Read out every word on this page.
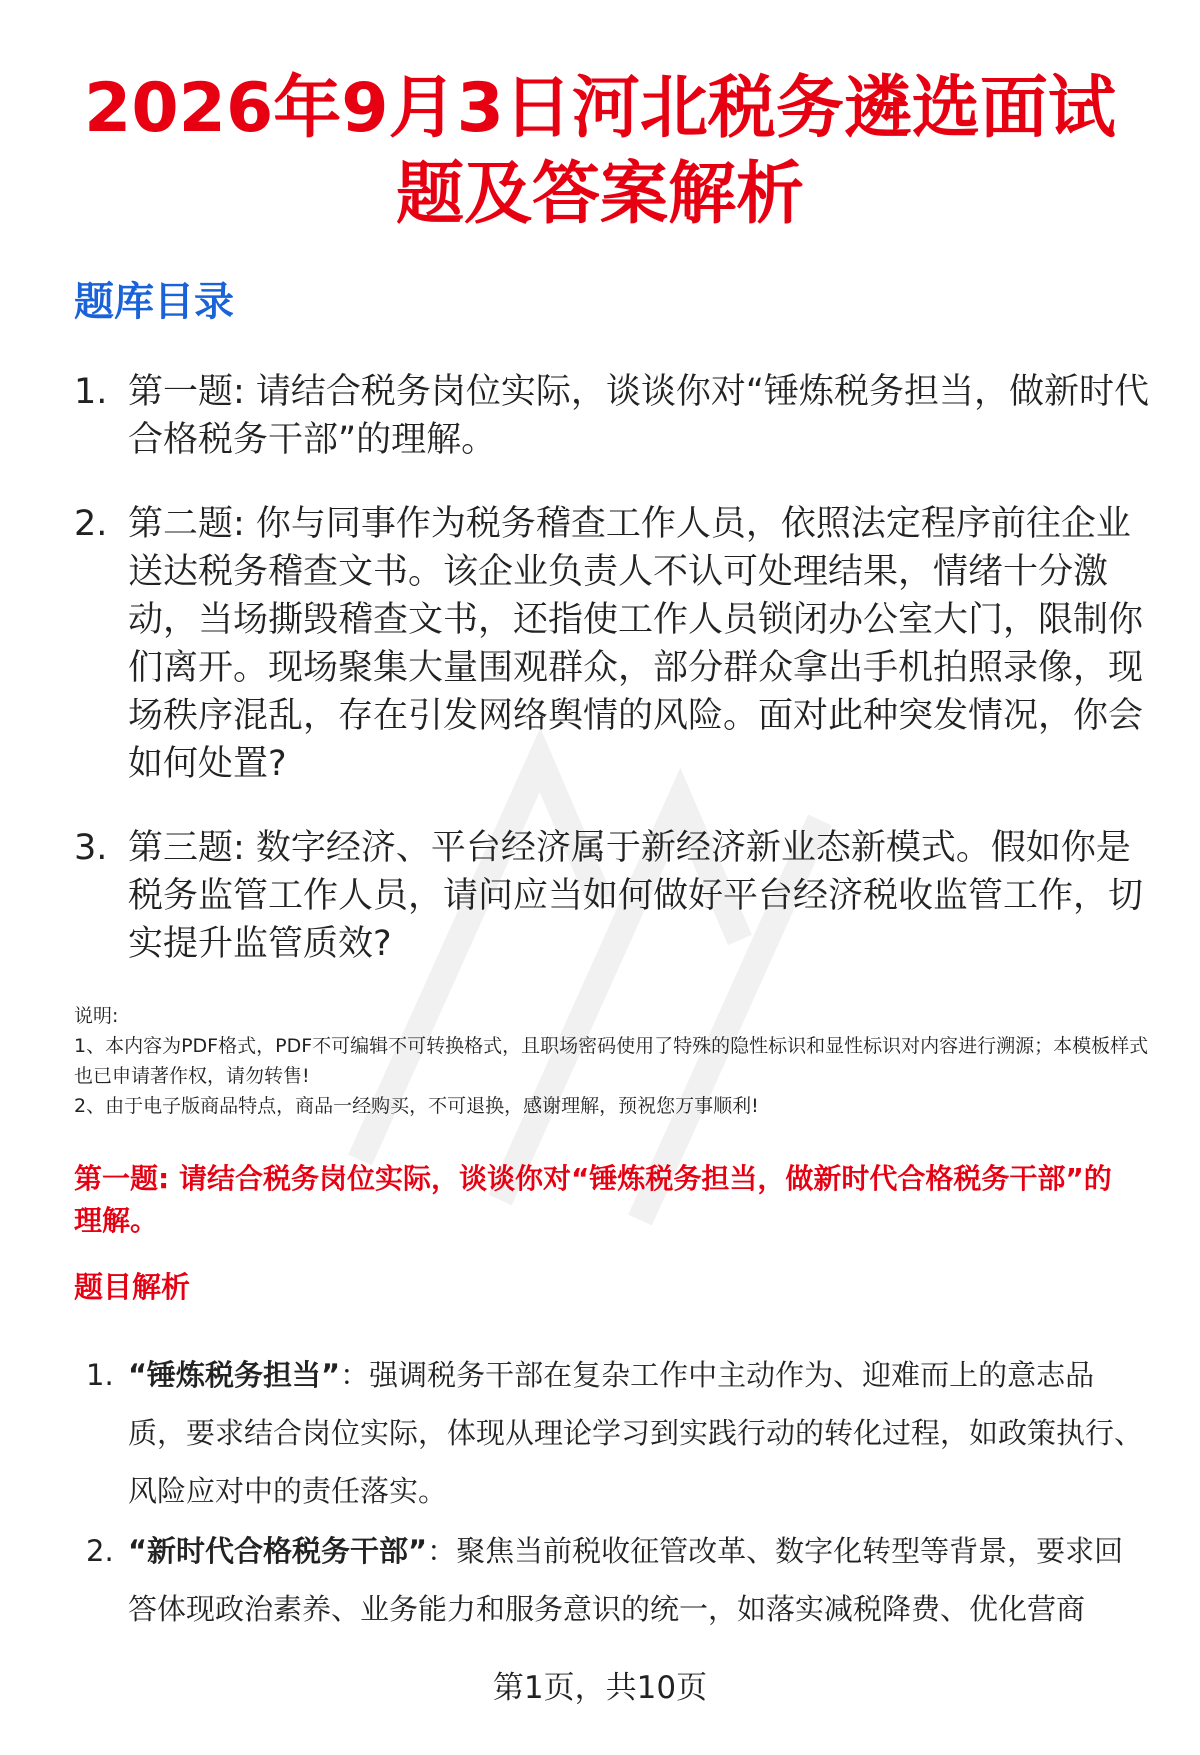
2026年9月3日河北税务遴选面试题及答案解析
题库目录
1. 第一题: 请结合税务岗位实际，谈谈你对“锤炼税务担当，做新时代合格税务干部”的理解。
2. 第二题: 你与同事作为税务稽查工作人员，依照法定程序前往企业送达税务稽查文书。该企业负责人不认可处理结果，情绪十分激动，当场撕毁稽查文书，还指使工作人员锁闭办公室大门，限制你们离开。现场聚集大量围观群众，部分群众拿出手机拍照录像，现场秩序混乱，存在引发网络舆情的风险。面对此种突发情况，你会如何处置?
3. 第三题: 数字经济、平台经济属于新经济新业态新模式。假如你是税务监管工作人员，请问应当如何做好平台经济税收监管工作，切实提升监管质效?
说明:
1、本内容为PDF格式，PDF不可编辑不可转换格式，且职场密码使用了特殊的隐性标识和显性标识对内容进行溯源；本模板样式也已申请著作权，请勿转售!
2、由于电子版商品特点，商品一经购买，不可退换，感谢理解，预祝您万事顺利!
第一题: 请结合税务岗位实际，谈谈你对“锤炼税务担当，做新时代合格税务干部”的理解。
题目解析
1. “锤炼税务担当”：强调税务干部在复杂工作中主动作为、迎难而上的意志品质，要求结合岗位实际，体现从理论学习到实践行动的转化过程，如政策执行、风险应对中的责任落实。
2. “新时代合格税务干部”：聚焦当前税收征管改革、数字化转型等背景，要求回答体现政治素养、业务能力和服务意识的统一，如落实减税降费、优化营商
第1页，共10页
